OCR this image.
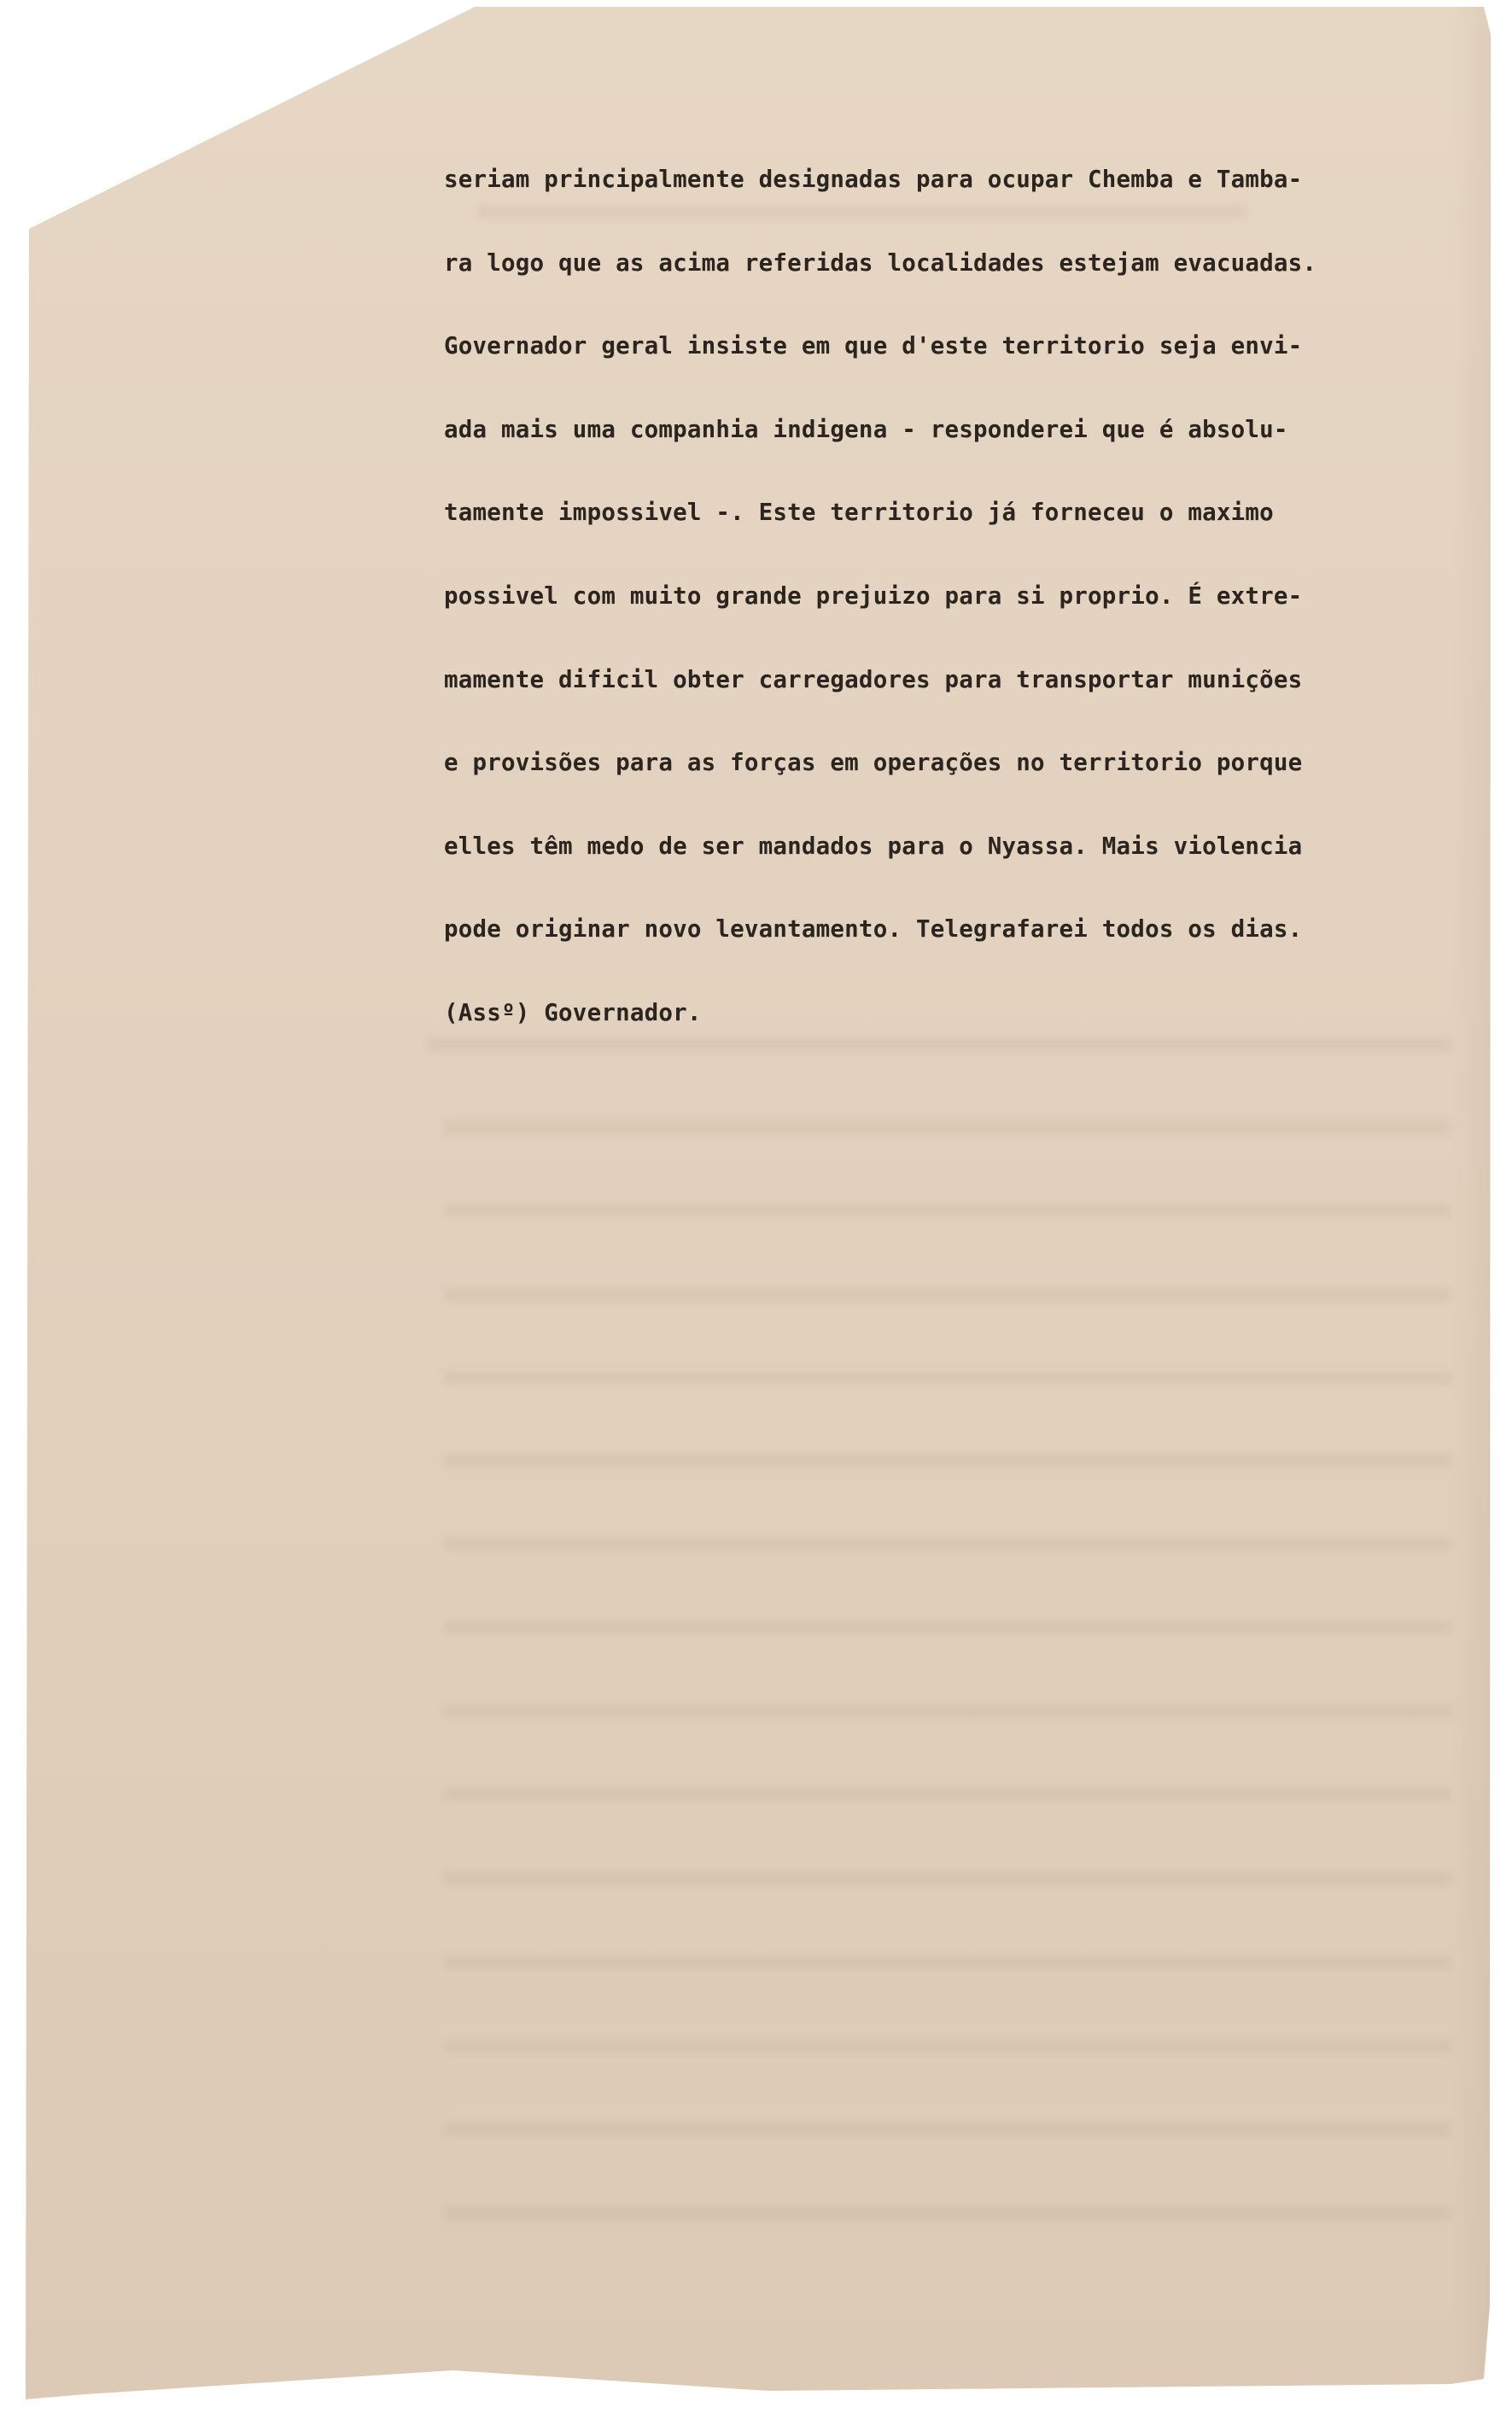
seriam principalmente designadas para ocupar Chemba e Tamba-
ra logo que as acima referidas localidades estejam evacuadas.
Governador geral insiste em que d'este territorio seja envi-
ada mais uma companhia indigena - responderei que é absolu-
tamente impossivel -. Este territorio já forneceu o maximo
possivel com muito grande prejuizo para si proprio. É extre-
mamente dificil obter carregadores para transportar munições
e provisões para as forças em operações no territorio porque
elles têm medo de ser mandados para o Nyassa. Mais violencia
pode originar novo levantamento. Telegrafarei todos os dias.
(Assº) Governador.
